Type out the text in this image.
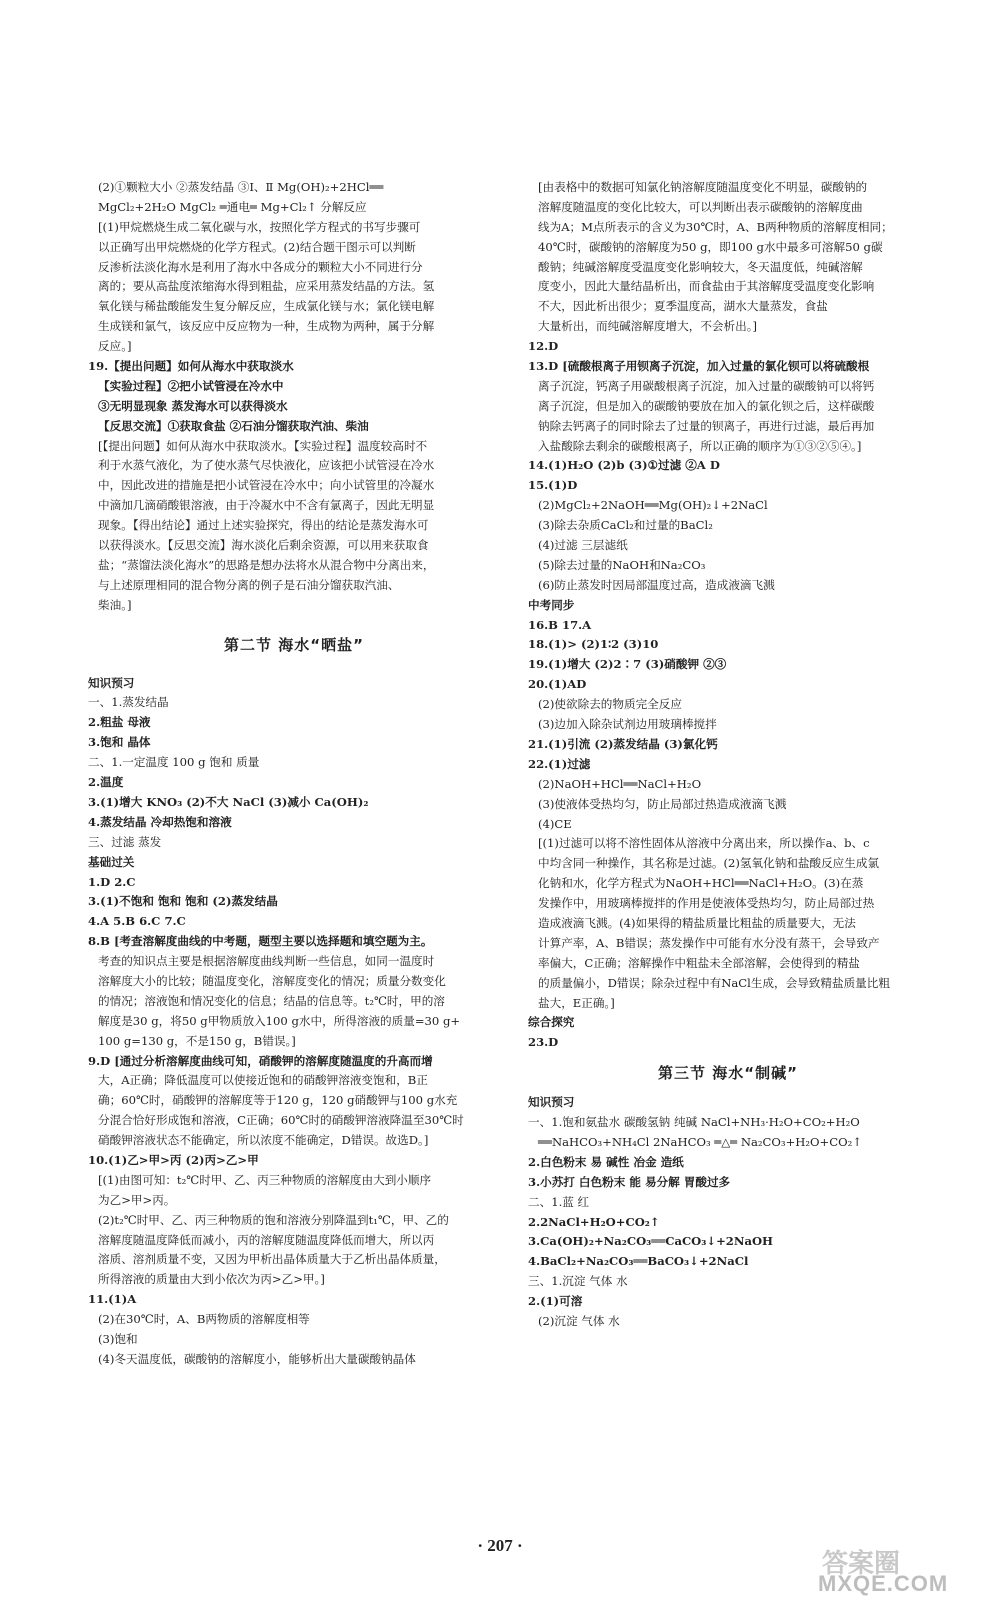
(2)①颗粒大小 ②蒸发结晶 ③Ⅰ、Ⅱ Mg(OH)₂+2HCl══
MgCl₂+2H₂O MgCl₂ ═通电═ Mg+Cl₂↑ 分解反应
[(1)甲烷燃烧生成二氧化碳与水，按照化学方程式的书写步骤可
以正确写出甲烷燃烧的化学方程式。(2)结合题干图示可以判断
反渗析法淡化海水是利用了海水中各成分的颗粒大小不同进行分
离的；要从高盐度浓缩海水得到粗盐，应采用蒸发结晶的方法。氢
氧化镁与稀盐酸能发生复分解反应，生成氯化镁与水；氯化镁电解
生成镁和氯气，该反应中反应物为一种，生成物为两种，属于分解
反应。]
19.【提出问题】如何从海水中获取淡水
【实验过程】②把小试管浸在冷水中
③无明显现象 蒸发海水可以获得淡水
【反思交流】①获取食盐 ②石油分馏获取汽油、柴油
[【提出问题】如何从海水中获取淡水。【实验过程】温度较高时不
利于水蒸气液化，为了使水蒸气尽快液化，应该把小试管浸在冷水
中，因此改进的措施是把小试管浸在冷水中；向小试管里的冷凝水
中滴加几滴硝酸银溶液，由于冷凝水中不含有氯离子，因此无明显
现象。【得出结论】通过上述实验探究，得出的结论是蒸发海水可
以获得淡水。【反思交流】海水淡化后剩余资源，可以用来获取食
盐；“蒸馏法淡化海水”的思路是想办法将水从混合物中分离出来，
与上述原理相同的混合物分离的例子是石油分馏获取汽油、
柴油。]
第二节 海水“晒盐”
知识预习
一、1.蒸发结晶
2.粗盐 母液
3.饱和 晶体
二、1.一定温度 100 g 饱和 质量
2.温度
3.(1)增大 KNO₃ (2)不大 NaCl (3)减小 Ca(OH)₂
4.蒸发结晶 冷却热饱和溶液
三、过滤 蒸发
基础过关
1.D 2.C
3.(1)不饱和 饱和 饱和 (2)蒸发结晶
4.A 5.B 6.C 7.C
8.B [考查溶解度曲线的中考题，题型主要以选择题和填空题为主。
考查的知识点主要是根据溶解度曲线判断一些信息，如同一温度时
溶解度大小的比较；随温度变化，溶解度变化的情况；质量分数变化
的情况；溶液饱和情况变化的信息；结晶的信息等。t₂℃时，甲的溶
解度是30 g，将50 g甲物质放入100 g水中，所得溶液的质量=30 g+
100 g=130 g，不是150 g，B错误。]
9.D [通过分析溶解度曲线可知，硝酸钾的溶解度随温度的升高而增
大，A正确；降低温度可以使接近饱和的硝酸钾溶液变饱和，B正
确；60℃时，硝酸钾的溶解度等于120 g，120 g硝酸钾与100 g水充
分混合恰好形成饱和溶液，C正确；60℃时的硝酸钾溶液降温至30℃时
硝酸钾溶液状态不能确定，所以浓度不能确定，D错误。故选D。]
10.(1)乙>甲>丙 (2)丙>乙>甲
[(1)由图可知：t₂℃时甲、乙、丙三种物质的溶解度由大到小顺序
为乙>甲>丙。
(2)t₂℃时甲、乙、丙三种物质的饱和溶液分别降温到t₁℃，甲、乙的
溶解度随温度降低而减小，丙的溶解度随温度降低而增大，所以丙
溶质、溶剂质量不变，又因为甲析出晶体质量大于乙析出晶体质量，
所得溶液的质量由大到小依次为丙>乙>甲。]
11.(1)A
(2)在30℃时，A、B两物质的溶解度相等
(3)饱和
(4)冬天温度低，碳酸钠的溶解度小，能够析出大量碳酸钠晶体
[由表格中的数据可知氯化钠溶解度随温度变化不明显，碳酸钠的
溶解度随温度的变化比较大，可以判断出表示碳酸钠的溶解度曲
线为A；M点所表示的含义为30℃时，A、B两种物质的溶解度相同；
40℃时，碳酸钠的溶解度为50 g，即100 g水中最多可溶解50 g碳
酸钠；纯碱溶解度受温度变化影响较大，冬天温度低，纯碱溶解
度变小，因此大量结晶析出，而食盐由于其溶解度受温度变化影响
不大，因此析出很少；夏季温度高，湖水大量蒸发，食盐
大量析出，而纯碱溶解度增大，不会析出。]
12.D
13.D [硫酸根离子用钡离子沉淀，加入过量的氯化钡可以将硫酸根
离子沉淀，钙离子用碳酸根离子沉淀，加入过量的碳酸钠可以将钙
离子沉淀，但是加入的碳酸钠要放在加入的氯化钡之后，这样碳酸
钠除去钙离子的同时除去了过量的钡离子，再进行过滤，最后再加
入盐酸除去剩余的碳酸根离子，所以正确的顺序为①③②⑤④。]
14.(1)H₂O (2)b (3)①过滤 ②A D
15.(1)D
(2)MgCl₂+2NaOH══Mg(OH)₂↓+2NaCl
(3)除去杂质CaCl₂和过量的BaCl₂
(4)过滤 三层滤纸
(5)除去过量的NaOH和Na₂CO₃
(6)防止蒸发时因局部温度过高，造成液滴飞溅
中考同步
16.B 17.A
18.(1)> (2)1∶2 (3)10
19.(1)增大 (2)2∶7 (3)硝酸钾 ②③
20.(1)AD
(2)使欲除去的物质完全反应
(3)边加入除杂试剂边用玻璃棒搅拌
21.(1)引流 (2)蒸发结晶 (3)氯化钙
22.(1)过滤
(2)NaOH+HCl══NaCl+H₂O
(3)使液体受热均匀，防止局部过热造成液滴飞溅
(4)CE
[(1)过滤可以将不溶性固体从溶液中分离出来，所以操作a、b、c
中均含同一种操作，其名称是过滤。(2)氢氧化钠和盐酸反应生成氯
化钠和水，化学方程式为NaOH+HCl══NaCl+H₂O。(3)在蒸
发操作中，用玻璃棒搅拌的作用是使液体受热均匀，防止局部过热
造成液滴飞溅。(4)如果得的精盐质量比粗盐的质量要大，无法
计算产率，A、B错误；蒸发操作中可能有水分没有蒸干，会导致产
率偏大，C正确；溶解操作中粗盐未全部溶解，会使得到的精盐
的质量偏小，D错误；除杂过程中有NaCl生成，会导致精盐质量比粗
盐大，E正确。]
综合探究
23.D
第三节 海水“制碱”
知识预习
一、1.饱和氨盐水 碳酸氢钠 纯碱 NaCl+NH₃·H₂O+CO₂+H₂O
══NaHCO₃+NH₄Cl 2NaHCO₃ ═△═ Na₂CO₃+H₂O+CO₂↑
2.白色粉末 易 碱性 冶金 造纸
3.小苏打 白色粉末 能 易分解 胃酸过多
二、1.蓝 红
2.2NaCl+H₂O+CO₂↑
3.Ca(OH)₂+Na₂CO₃══CaCO₃↓+2NaOH
4.BaCl₂+Na₂CO₃══BaCO₃↓+2NaCl
三、1.沉淀 气体 水
2.(1)可溶
(2)沉淀 气体 水
· 207 ·
答案圈
MXQE.COM
